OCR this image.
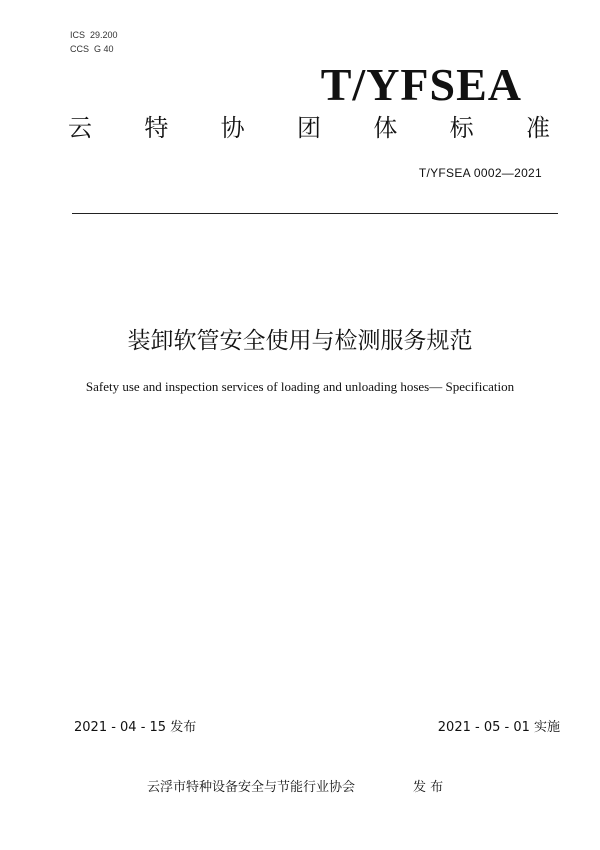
ICS  29.200
CCS  G 40
T/YFSEA
云 特 协 团 体 标 准
T/YFSEA 0002—2021
装卸软管安全使用与检测服务规范
Safety use and inspection services of loading and unloading hoses— Specification
2021 - 04 - 15 发布	2021 - 05 - 01 实施
云浮市特种设备安全与节能行业协会	发 布
